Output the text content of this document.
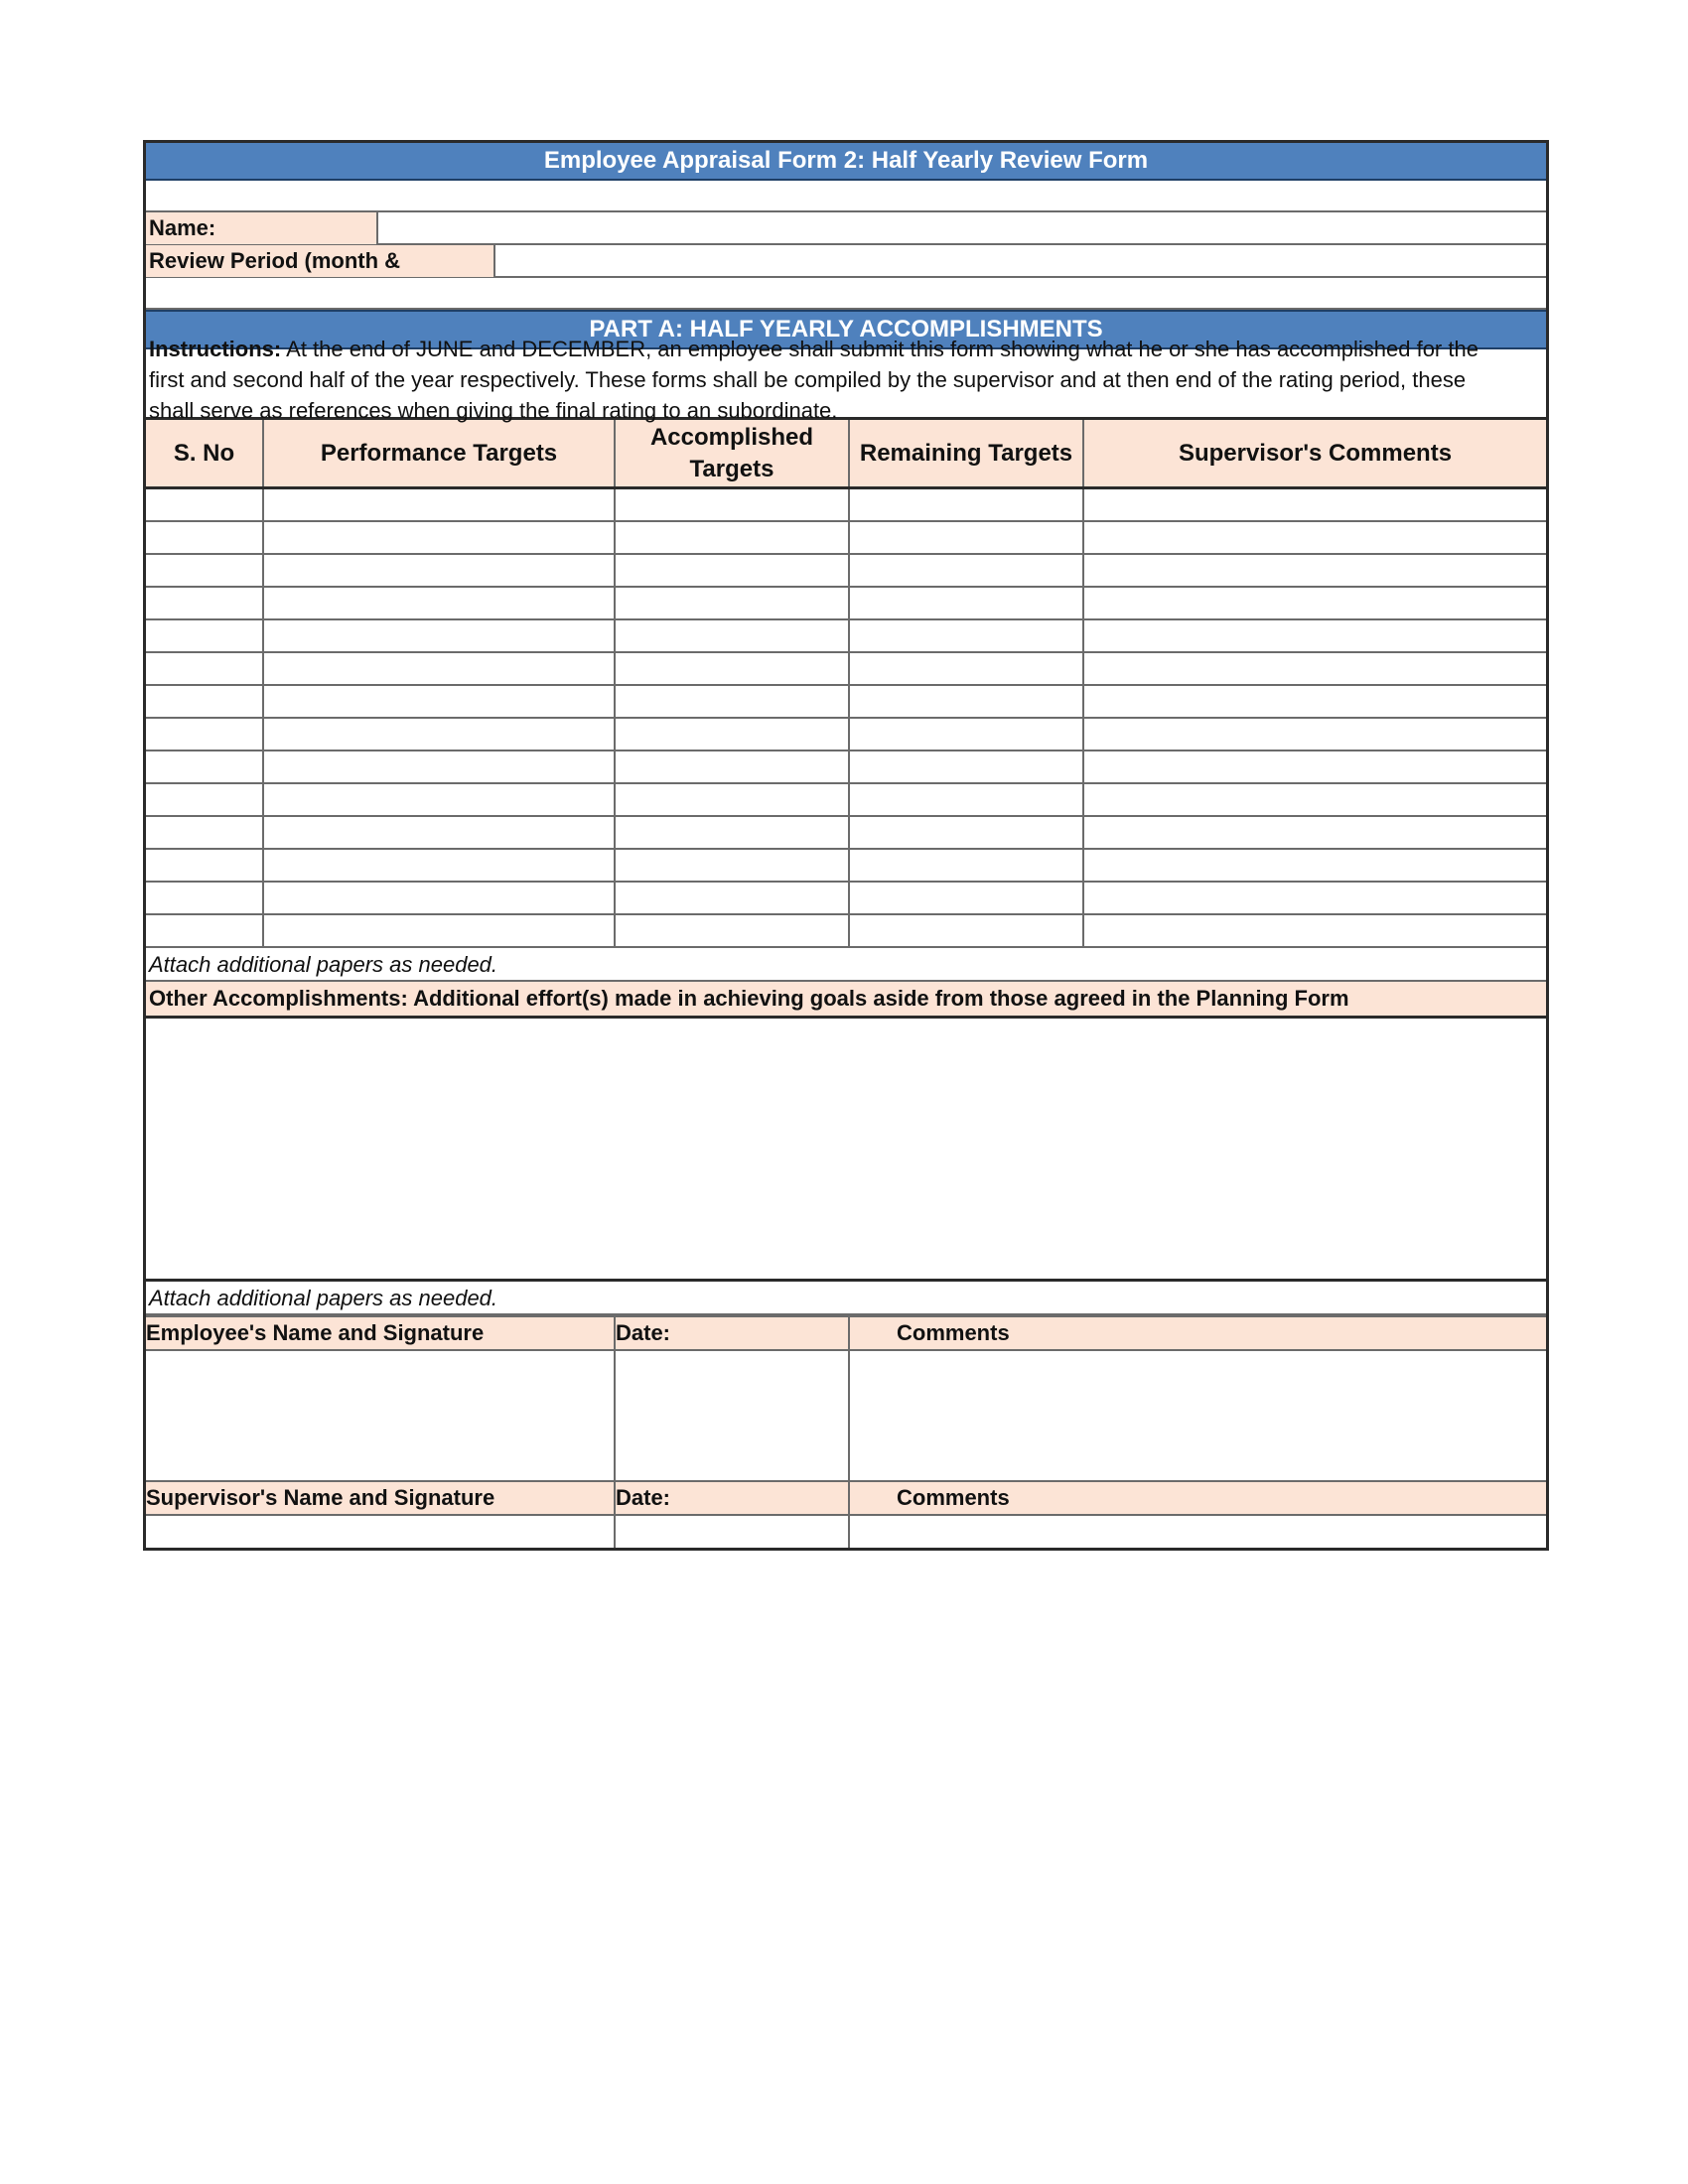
Employee Appraisal Form 2: Half Yearly Review Form
Name:
Review Period (month &
PART A: HALF YEARLY ACCOMPLISHMENTS
Instructions: At the end of JUNE and DECEMBER, an employee shall submit this form showing what he or she has accomplished for the first and second half of the year respectively. These forms shall be compiled by the supervisor and at then end of the rating period, these shall serve as references when giving the final rating to an subordinate.
S. No	Performance Targets	Accomplished Targets	Remaining Targets	Supervisor's Comments

Attach additional papers as needed.
Other Accomplishments: Additional effort(s) made in achieving goals aside from those agreed in the Planning Form
Attach additional papers as needed.
Employee's Name and Signature	Date:	Comments

Supervisor's Name and Signature	Date:	Comments
